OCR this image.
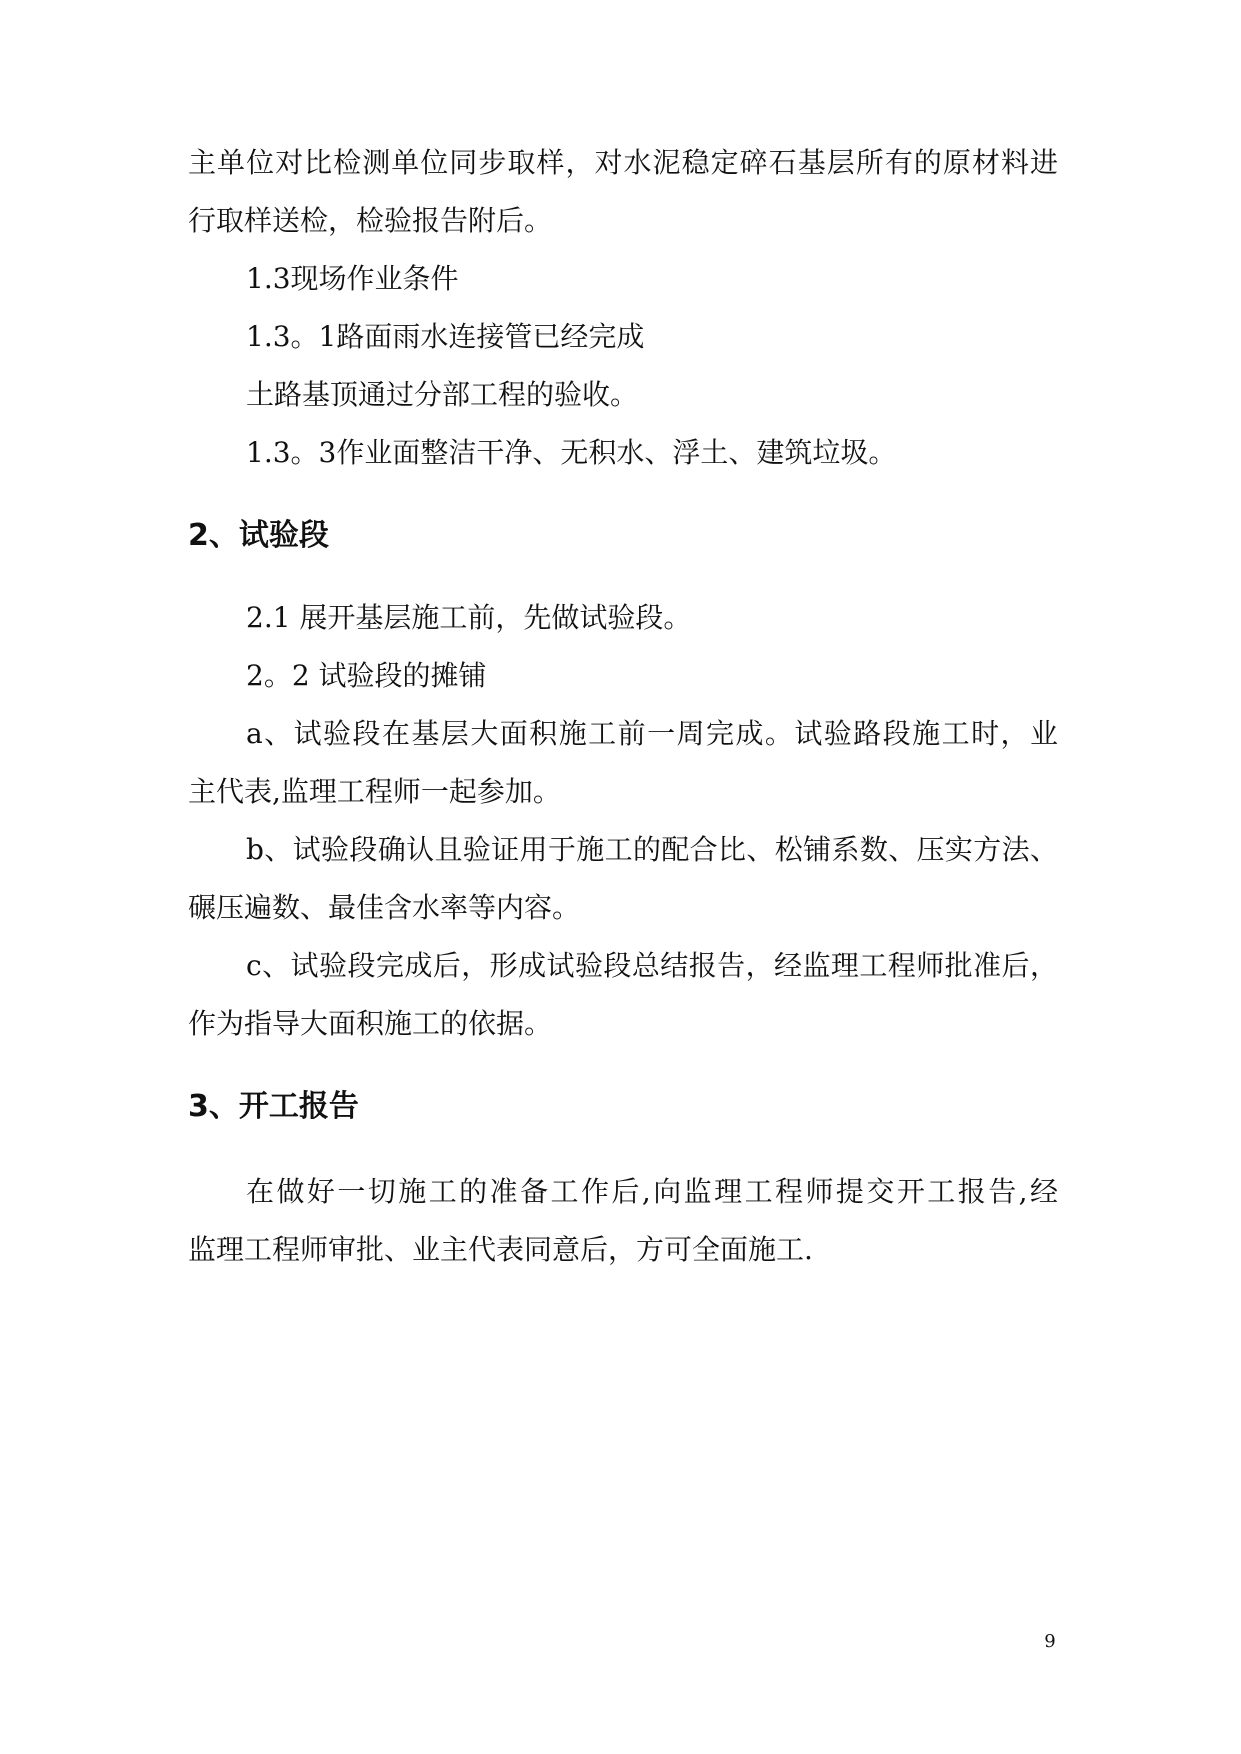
主单位对比检测单位同步取样，对水泥稳定碎石基层所有的原材料进
行取样送检，检验报告附后。
1.3现场作业条件
1.3。1路面雨水连接管已经完成
土路基顶通过分部工程的验收。
1.3。3作业面整洁干净、无积水、浮土、建筑垃圾。
2、试验段
2.1 展开基层施工前，先做试验段。
2。2 试验段的摊铺
a、试验段在基层大面积施工前一周完成。试验路段施工时，业
主代表,监理工程师一起参加。
b、试验段确认且验证用于施工的配合比、松铺系数、压实方法、
碾压遍数、最佳含水率等内容。
c、试验段完成后，形成试验段总结报告，经监理工程师批准后，
作为指导大面积施工的依据。
3、开工报告
在做好一切施工的准备工作后,向监理工程师提交开工报告,经
监理工程师审批、业主代表同意后，方可全面施工.
9
